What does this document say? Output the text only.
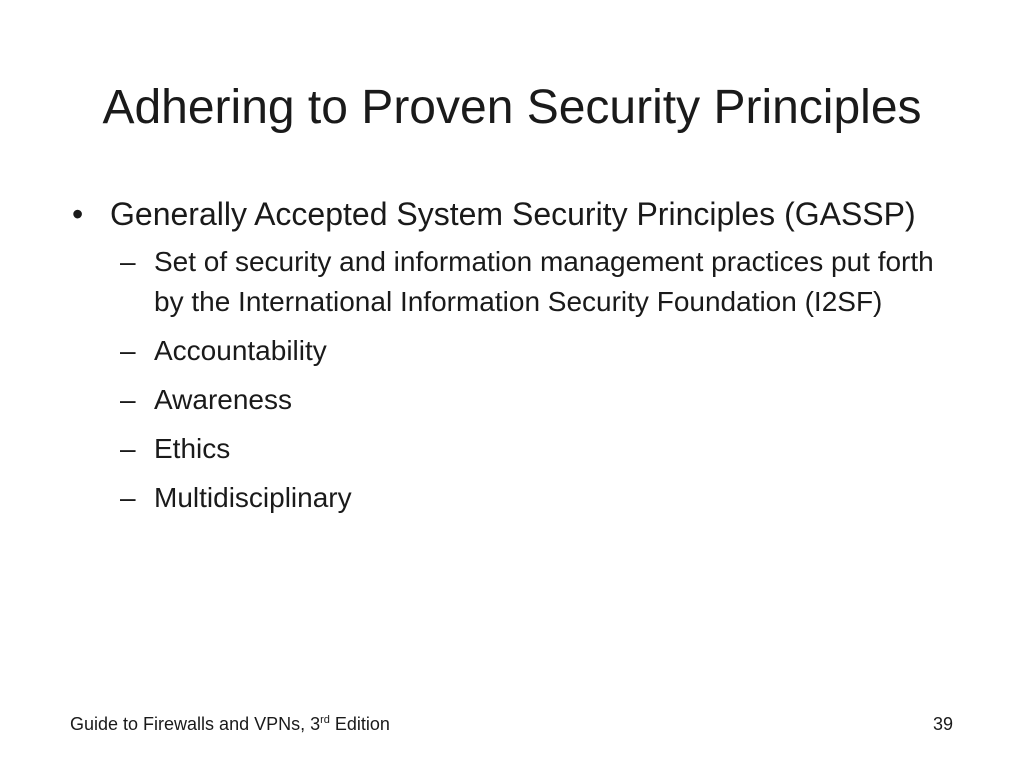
Adhering to Proven Security Principles
• Generally Accepted System Security Principles (GASSP)
– Set of security and information management practices put forth by the International Information Security Foundation (I2SF)
– Accountability
– Awareness
– Ethics
– Multidisciplinary
Guide to Firewalls and VPNs, 3rd Edition	39
